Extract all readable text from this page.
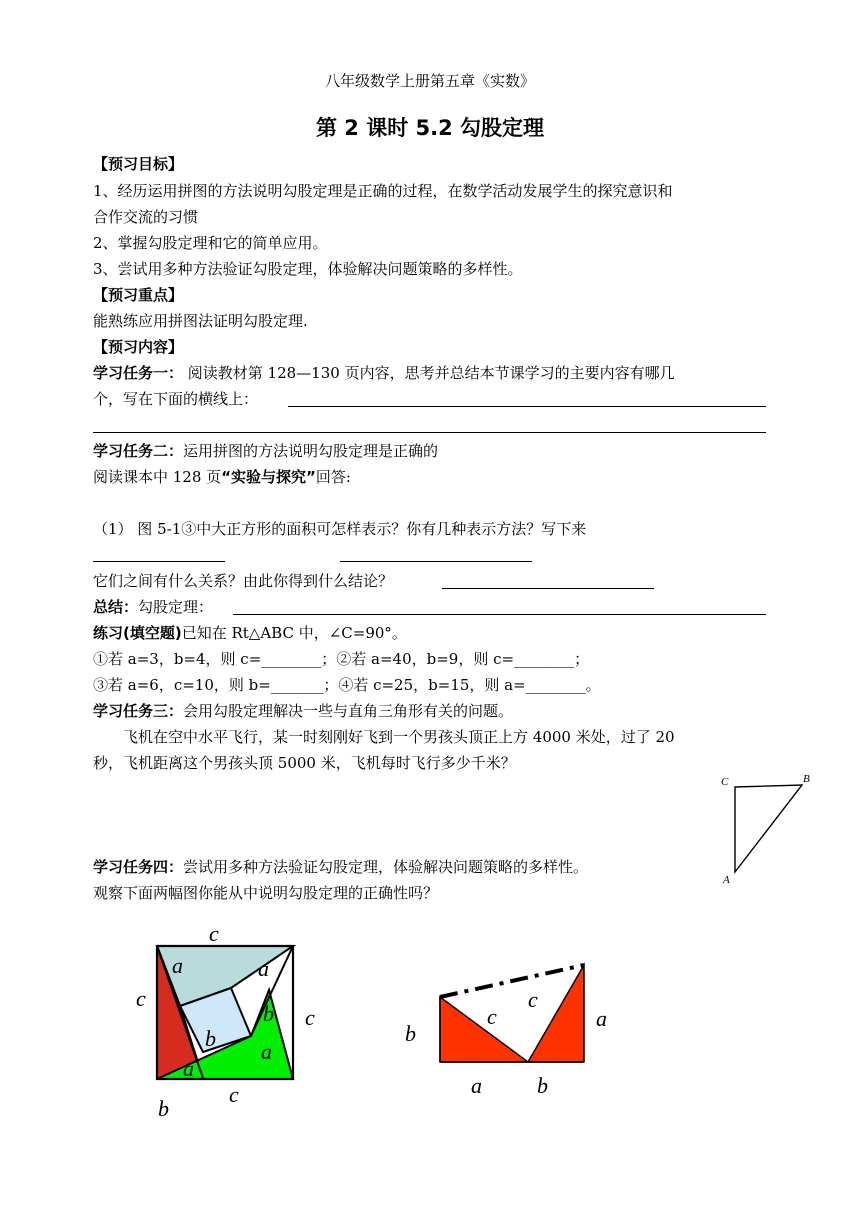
八年级数学上册第五章《实数》
第 2 课时 5.2 勾股定理
【预习目标】
1、经历运用拼图的方法说明勾股定理是正确的过程，在数学活动发展学生的探究意识和
合作交流的习惯
2、掌握勾股定理和它的简单应用。
3、尝试用多种方法验证勾股定理，体验解决问题策略的多样性。
【预习重点】
能熟练应用拼图法证明勾股定理.
【预习内容】
学习任务一： 阅读教材第 128—130 页内容，思考并总结本节课学习的主要内容有哪几
个，写在下面的横线上：
学习任务二：运用拼图的方法说明勾股定理是正确的
阅读课本中 128 页“实验与探究”回答:
（1） 图 5-1③中大正方形的面积可怎样表示？你有几种表示方法？写下来
它们之间有什么关系？由此你得到什么结论？
总结：勾股定理：
练习(填空题)已知在 Rt△ABC 中，∠C=90°。
①若 a=3，b=4，则 c=________；②若 a=40，b=9，则 c=________；
③若 a=6，c=10，则 b=_______；④若 c=25，b=15，则 a=________。
学习任务三：会用勾股定理解决一些与直角三角形有关的问题。
飞机在空中水平飞行，某一时刻刚好飞到一个男孩头顶正上方 4000 米处，过了 20
秒，飞机距离这个男孩头顶 5000 米，飞机每时飞行多少千米？
C	B
A
学习任务四：尝试用多种方法验证勾股定理，体验解决问题策略的多样性。
观察下面两幅图你能从中说明勾股定理的正确性吗？
c
c
c
c
b
a	a
a
a
b
b	b
a
a	b
c
c
